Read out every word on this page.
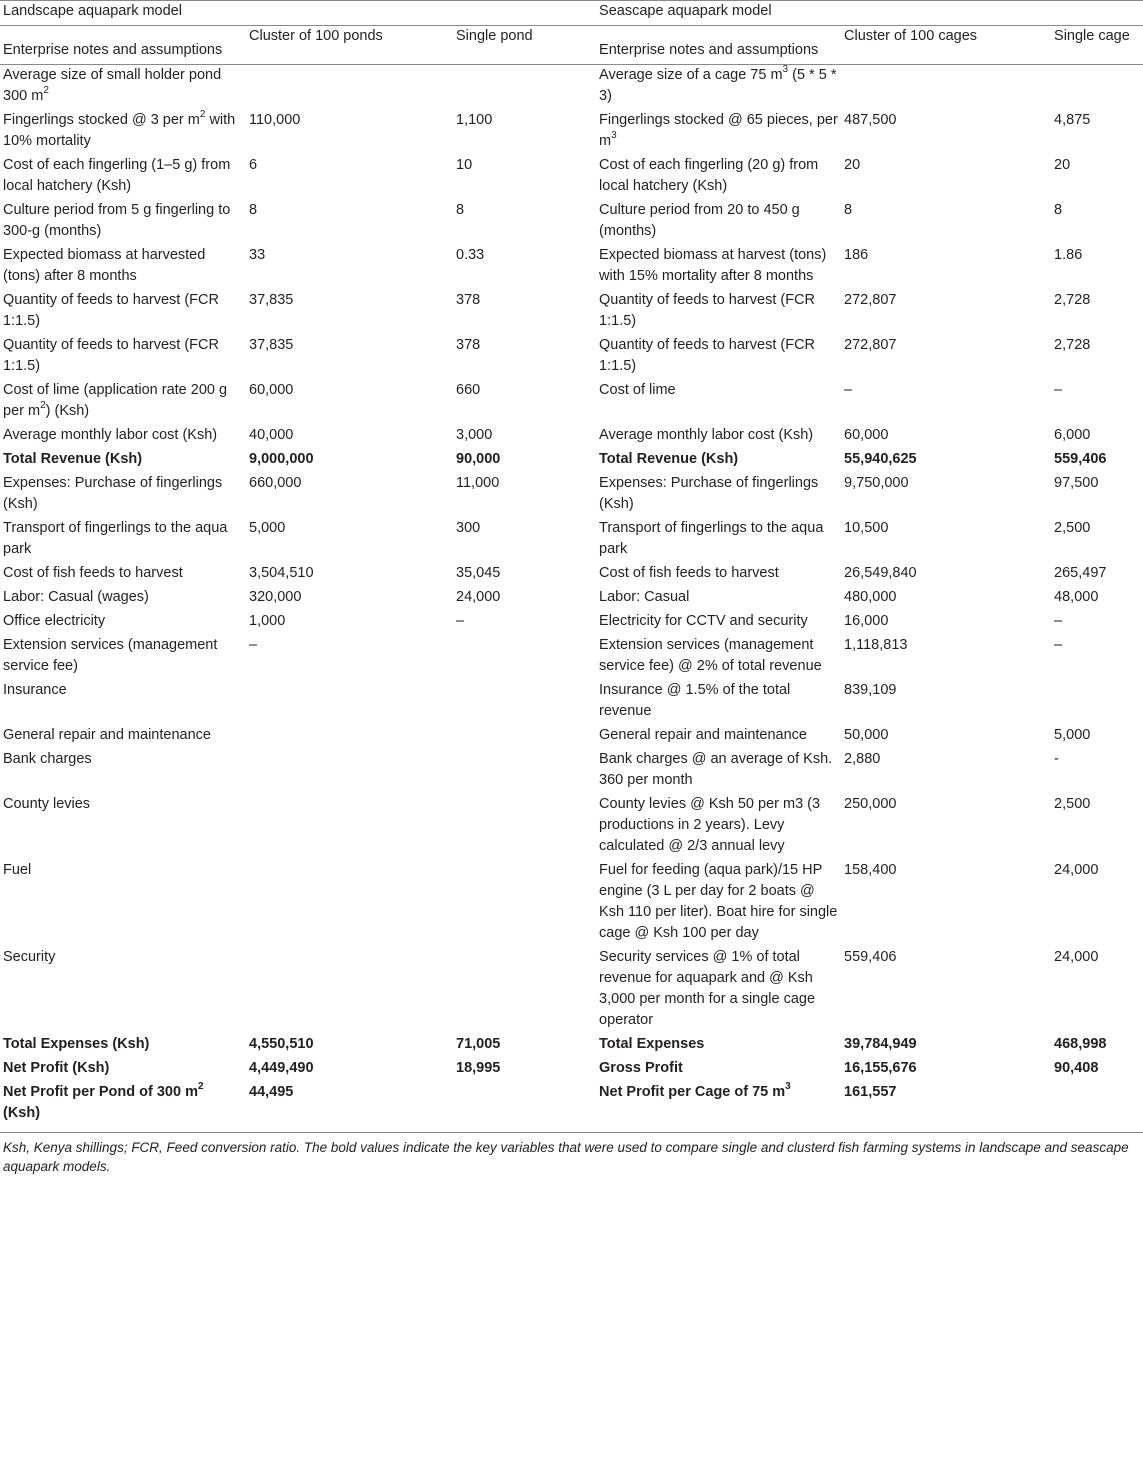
Landscape aquapark model			Seascape aquapark model		

Enterprise notes and assumptions	Cluster of 100 ponds	Single pond	Enterprise notes and assumptions	Cluster of 100 cages	Single cage
Average size of small holder pond 300 $m^2$			Average size of a cage 75 $m^3$ (5 * 5 * 3)		
Fingerlings stocked @ 3 per $m^2$ with 10% mortality	110,000	1,100	Fingerlings stocked @ 65 pieces, per $m^3$	487,500	4,875
Cost of each fingerling (1–5 g) from local hatchery (Ksh)	6	10	Cost of each fingerling (20 g) from local hatchery (Ksh)	20	20
Culture period from 5 g fingerling to 300-g (months)	8	8	Culture period from 20 to 450 g (months)	8	8
Expected biomass at harvested (tons) after 8 months	33	0.33	Expected biomass at harvest (tons) with 15% mortality after 8 months	186	1.86
Quantity of feeds to harvest (FCR 1:1.5)	37,835	378	Quantity of feeds to harvest (FCR 1:1.5)	272,807	2,728
Quantity of feeds to harvest (FCR 1:1.5)	37,835	378	Quantity of feeds to harvest (FCR 1:1.5)	272,807	2,728
Cost of lime (application rate 200 g per $m^2$) (Ksh)	60,000	660	Cost of lime	–	–
Average monthly labor cost (Ksh)	40,000	3,000	Average monthly labor cost (Ksh)	60,000	6,000
Total Revenue (Ksh)	9,000,000	90,000	Total Revenue (Ksh)	55,940,625	559,406
Expenses: Purchase of fingerlings (Ksh)	660,000	11,000	Expenses: Purchase of fingerlings (Ksh)	9,750,000	97,500
Transport of fingerlings to the aqua park	5,000	300	Transport of fingerlings to the aqua park	10,500	2,500
Cost of fish feeds to harvest	3,504,510	35,045	Cost of fish feeds to harvest	26,549,840	265,497
Labor: Casual (wages)	320,000	24,000	Labor: Casual	480,000	48,000
Office electricity	1,000	–	Electricity for CCTV and security	16,000	–
Extension services (management service fee)	–		Extension services (management service fee) @ 2% of total revenue	1,118,813	–
Insurance			Insurance @ 1.5% of the total revenue	839,109	
General repair and maintenance			General repair and maintenance	50,000	5,000
Bank charges			Bank charges @ an average of Ksh. 360 per month	2,880	-
County levies			County levies @ Ksh 50 per m3 (3 productions in 2 years). Levy calculated @ 2/3 annual levy	250,000	2,500
Fuel			Fuel for feeding (aqua park)/15 HP engine (3 L per day for 2 boats @ Ksh 110 per liter). Boat hire for single cage @ Ksh 100 per day	158,400	24,000
Security			Security services @ 1% of total revenue for aquapark and @ Ksh 3,000 per month for a single cage operator	559,406	24,000
Total Expenses (Ksh)	4,550,510	71,005	Total Expenses	39,784,949	468,998
Net Profit (Ksh)	4,449,490	18,995	Gross Profit	16,155,676	90,408
Net Profit per Pond of 300 $m^2$ (Ksh)	44,495		Net Profit per Cage of 75 $m^3$	161,557	
Ksh, Kenya shillings; FCR, Feed conversion ratio. The bold values indicate the key variables that were used to compare single and clusterd fish farming systems in landscape and seascape aquapark models.
